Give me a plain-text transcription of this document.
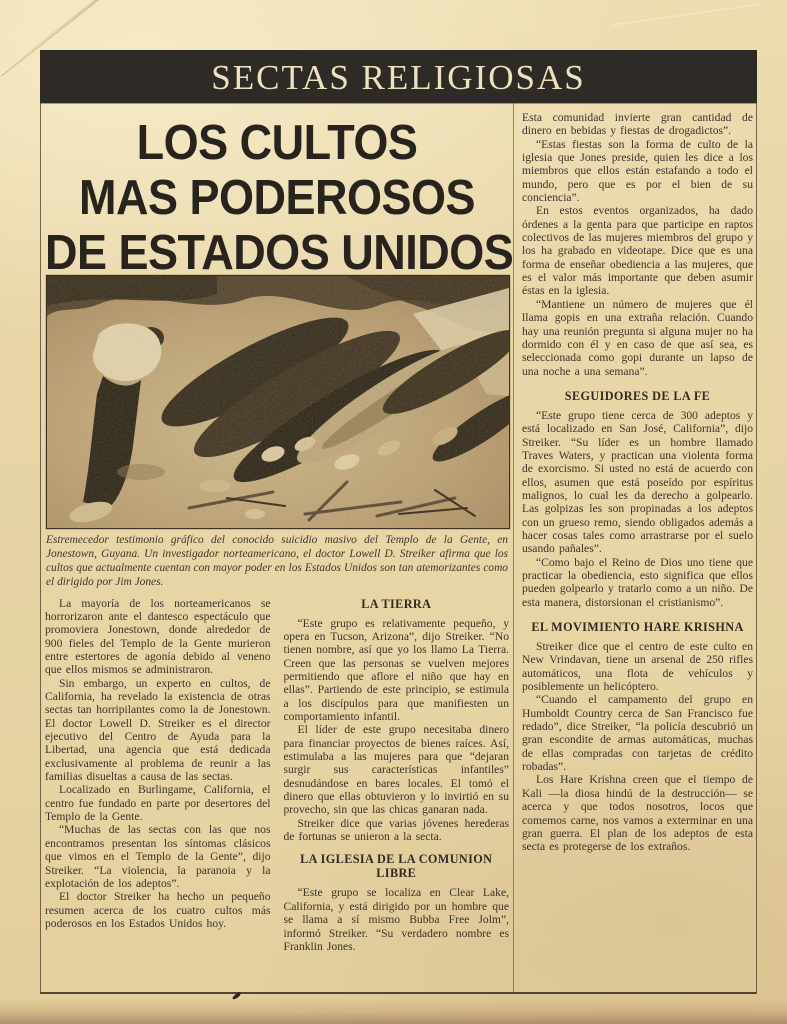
SECTAS RELIGIOSAS
LOS CULTOS
MAS PODEROSOS
DE ESTADOS UNIDOS

Estremecedor testimonio gráfico del conocido suicidio masivo del Templo de la Gente, en Jonestown, Guyana. Un investigador norteamericano, el doctor Lowell D. Streiker afirma que los cultos que actualmente cuentan con mayor poder en los Estados Unidos son tan atemorizantes como el dirigido por Jim Jones.

La mayoría de los norteamericanos se horrorizaron ante el dantesco espectáculo que promoviera Jonestown, donde alrededor de 900 fieles del Templo de la Gente murieron entre estertores de agonía debido al veneno que ellos mismos se administraron.

Sin embargo, un experto en cultos, de California, ha revelado la existencia de otras sectas tan horripilantes como la de Jonestown. El doctor Lowell D. Streiker es el director ejecutivo del Centro de Ayuda para la Libertad, una agencia que está dedicada exclusivamente al problema de reunir a las familias disueltas a causa de las sectas.

Localizado en Burlingame, California, el centro fue fundado en parte por desertores del Templo de la Gente.

“Muchas de las sectas con las que nos encontramos presentan los síntomas clásicos que vimos en el Templo de la Gente”, dijo Streiker. “La violencia, la paranoia y la explotación de los adeptos”.

El doctor Streiker ha hecho un pequeño resumen acerca de los cuatro cultos más poderosos en los Estados Unidos hoy.

LA TIERRA

“Este grupo es relativamente pequeño, y opera en Tucson, Arizona”, dijo Streiker. “No tienen nombre, así que yo los llamo La Tierra. Creen que las personas se vuelven mejores permitiendo que aflore el niño que hay en ellas”. Partiendo de este principio, se estimula a los discípulos para que manifiesten un comportamiento infantil.

El líder de este grupo necesitaba dinero para financiar proyectos de bienes raíces. Así, estimulaba a las mujeres para que “dejaran surgir sus características infantiles” desnudándose en bares locales. El tomó el dinero que ellas obtuvieron y lo invirtió en su provecho, sin que las chicas ganaran nada.

Streiker dice que varias jóvenes herederas de fortunas se unieron a la secta.

LA IGLESIA DE LA COMUNION LIBRE

“Este grupo se localiza en Clear Lake, California, y está dirigido por un hombre que se llama a sí mismo Bubba Free Jolm”, informó Streiker. “Su verdadero nombre es Franklin Jones.

Esta comunidad invierte gran cantidad de dinero en bebidas y fiestas de drogadictos”.

“Estas fiestas son la forma de culto de la iglesia que Jones preside, quien les dice a los miembros que ellos están estafando a todo el mundo, pero que es por el bien de su conciencia”.

En estos eventos organizados, ha dado órdenes a la genta para que participe en raptos colectivos de las mujeres miembros del grupo y los ha grabado en videotape. Dice que es una forma de enseñar obediencia a las mujeres, que es el valor más importante que deben asumir éstas en la iglesia.

“Mantiene un número de mujeres que él llama gopis en una extraña relación. Cuando hay una reunión pregunta si alguna mujer no ha dormido con él y en caso de que así sea, es seleccionada como gopi durante un lapso de una noche a una semana”.

SEGUIDORES DE LA FE

“Este grupo tiene cerca de 300 adeptos y está localizado en San José, California”, dijo Streiker. “Su líder es un hombre llamado Traves Waters, y practican una violenta forma de exorcismo. Si usted no está de acuerdo con ellos, asumen que está poseído por espíritus malignos, lo cual les da derecho a golpearlo. Las golpizas les son propinadas a los adeptos con un grueso remo, siendo obligados además a hacer cosas tales como arrastrarse por el suelo usando pañales”.

“Como bajo el Reino de Dios uno tiene que practicar la obediencia, esto significa que ellos pueden golpearlo y tratarlo como a un niño. De esta manera, distorsionan el cristianismo”.

EL MOVIMIENTO HARE KRISHNA

Streiker dice que el centro de este culto en New Vrindavan, tiene un arsenal de 250 rifles automáticos, una flota de vehículos y posiblemente un helicóptero.

“Cuando el campamento del grupo en Humboldt Country cerca de San Francisco fue redado”, dice Streiker, “la policía descubrió un gran escondite de armas automáticas, muchas de ellas compradas con tarjetas de crédito robadas”.

Los Hare Krishna creen que el tiempo de Kali —la diosa hindú de la destrucción— se acerca y que todos nosotros, locos que comemos carne, nos vamos a exterminar en una gran guerra. El plan de los adeptos de esta secta es protegerse de los extraños.
